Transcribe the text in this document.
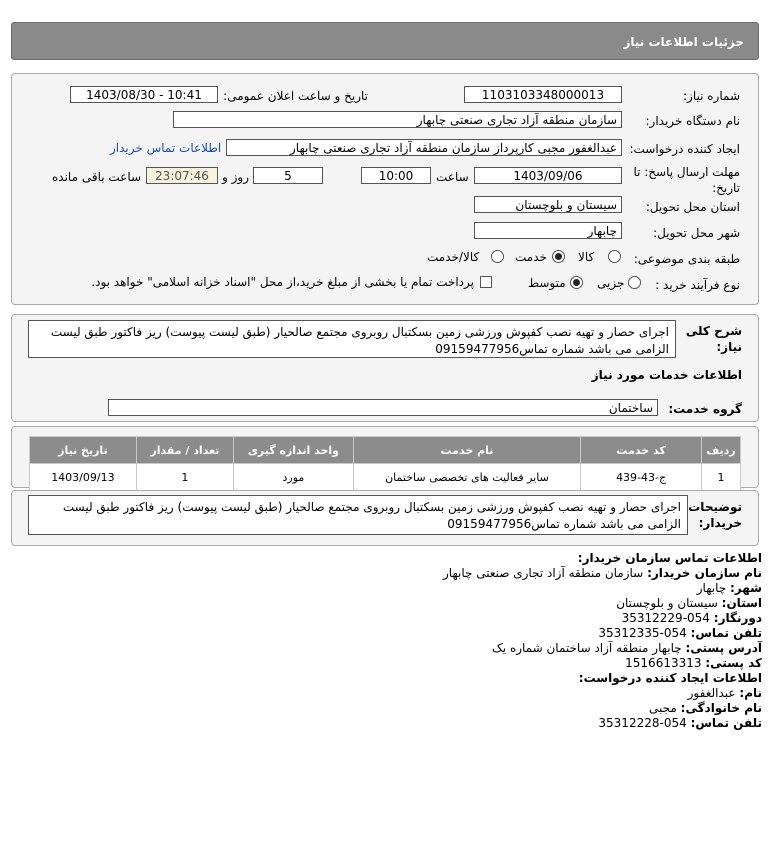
جزئیات اطلاعات نیاز
شماره نیاز:
1103103348000013
تاریخ و ساعت اعلان عمومی:
1403/08/30 - 10:41
نام دستگاه خریدار:
سازمان منطقه آزاد تجاری صنعتی چابهار
ایجاد کننده درخواست:
عبدالغفور مجبی کارپرداز سازمان منطقه آزاد تجاری صنعتی چابهار
اطلاعات تماس خریدار
مهلت ارسال پاسخ: تا
تاریخ:
1403/09/06
ساعت
10:00
5
روز و
23:07:46
ساعت باقی مانده
استان محل تحویل:
سیستان و بلوچستان
شهر محل تحویل:
چابهار
طبقه بندی موضوعی:
کالا
خدمت
کالا/خدمت
نوع فرآیند خرید :
جزیی
متوسط
پرداخت تمام یا بخشی از مبلغ خرید،از محل "اسناد خزانه اسلامی" خواهد بود.
شرح کلی
نیاز:
اجرای حصار و تهیه نصب کفپوش ورزشی زمین بسکتبال روبروی مجتمع صالحیار (طبق لیست پیوست) ریز فاکتور طبق لیست الزامی می باشد شماره تماس09159477956
اطلاعات خدمات مورد نیاز
گروه خدمت:
ساختمان
ردیف	کد خدمت	نام خدمت	واحد اندازه گیری	تعداد / مقدار	تاریخ نیاز
1	ج-43-439	سایر فعالیت های تخصصی ساختمان	مورد	1	1403/09/13
توضیحات
خریدار:
اجرای حصار و تهیه نصب کفپوش ورزشی زمین بسکتبال روبروی مجتمع صالحیار (طبق لیست پیوست) ریز فاکتور طبق لیست الزامی می باشد شماره تماس09159477956
اطلاعات تماس سازمان خریدار:
نام سازمان خریدار: سازمان منطقه آزاد تجاری صنعتی چابهار
شهر: چابهار
استان: سیستان و بلوچستان
دورنگار: 054-35312229
تلفن تماس: 054-35312335
آدرس پستی: چابهار منطقه آزاد ساختمان شماره یک
کد پستی: 1516613313
اطلاعات ایجاد کننده درخواست:
نام: عبدالغفور
نام خانوادگی: مجبی
تلفن تماس: 054-35312228
